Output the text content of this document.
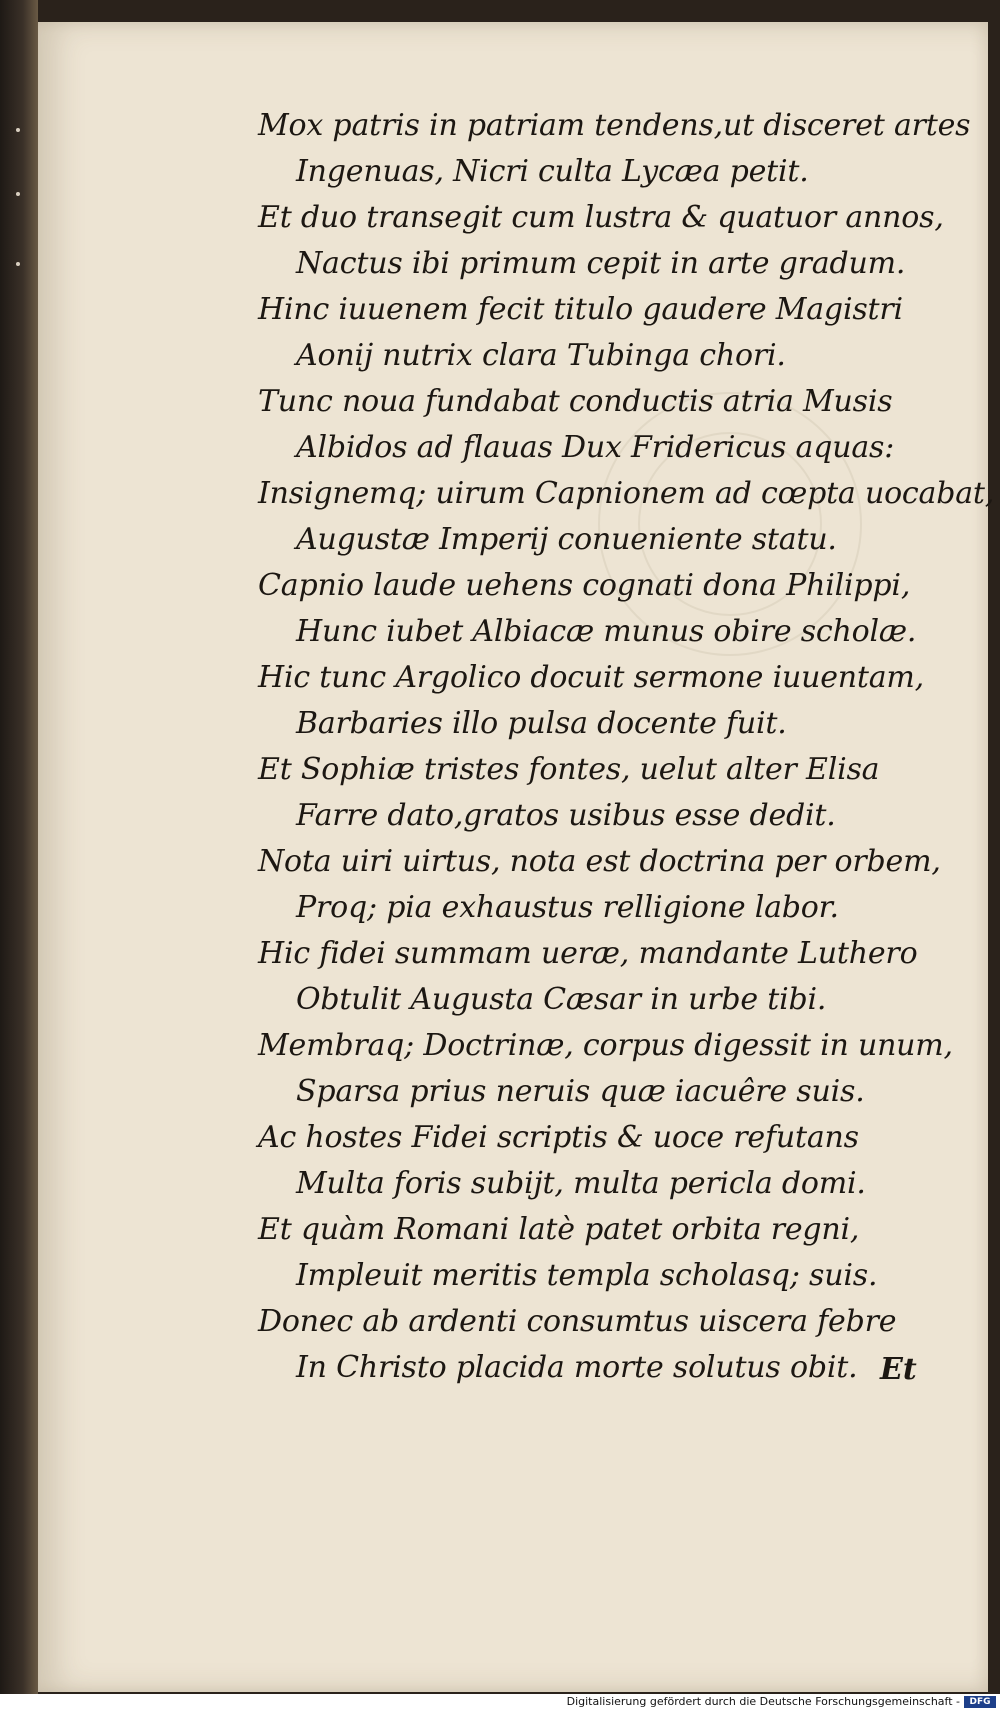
Mox patris in patriam tendens,ut disceret artes
Ingenuas, Nicri culta Lycæa petit.
Et duo transegit cum lustra & quatuor annos,
Nactus ibi primum cepit in arte gradum.
Hinc iuuenem fecit titulo gaudere Magistri
Aonij nutrix clara Tubinga chori.
Tunc noua fundabat conductis atria Musis
Albidos ad flauas Dux Fridericus aquas:
Insignemq; uirum Capnionem ad cœpta uocabat,
Augustæ Imperij conueniente statu.
Capnio laude uehens cognati dona Philippi,
Hunc iubet Albiacæ munus obire scholæ.
Hic tunc Argolico docuit sermone iuuentam,
Barbaries illo pulsa docente fuit.
Et Sophiæ tristes fontes, uelut alter Elisa
Farre dato,gratos usibus esse dedit.
Nota uiri uirtus, nota est doctrina per orbem,
Proq; pia exhaustus relligione labor.
Hic fidei summam ueræ, mandante Luthero
Obtulit Augusta Cæsar in urbe tibi.
Membraq; Doctrinæ, corpus digessit in unum,
Sparsa prius neruis quæ iacuêre suis.
Ac hostes Fidei scriptis & uoce refutans
Multa foris subijt, multa pericla domi.
Et quàm Romani latè patet orbita regni,
Impleuit meritis templa scholasq; suis.
Donec ab ardenti consumtus uiscera febre
In Christo placida morte solutus obit. Et
Digitalisierung gefördert durch die Deutsche Forschungsgemeinschaft -	DFG
